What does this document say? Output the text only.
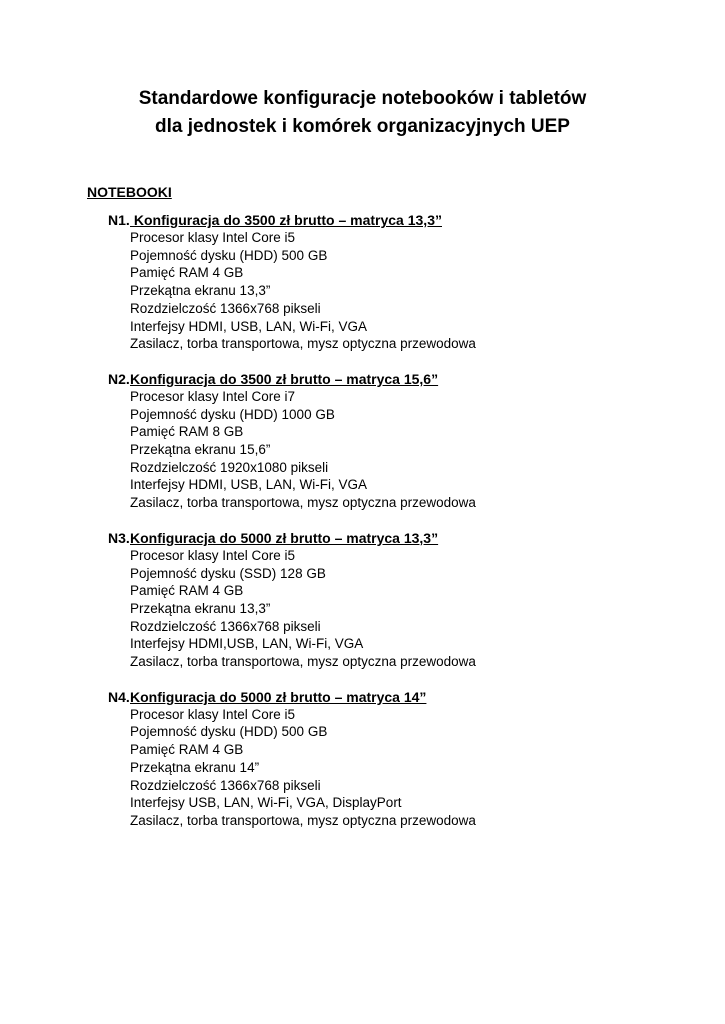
Standardowe konfiguracje notebooków i tabletów
dla jednostek i komórek organizacyjnych UEP
NOTEBOOKI
N1. Konfiguracja do 3500 zł brutto – matryca 13,3”
Procesor klasy Intel Core i5
Pojemność dysku (HDD) 500 GB
Pamięć RAM 4 GB
Przekątna ekranu 13,3”
Rozdzielczość 1366x768 pikseli
Interfejsy HDMI, USB, LAN, Wi-Fi, VGA
Zasilacz, torba transportowa, mysz optyczna przewodowa
N2.Konfiguracja do 3500 zł brutto – matryca 15,6”
Procesor klasy Intel Core i7
Pojemność dysku (HDD) 1000 GB
Pamięć RAM 8 GB
Przekątna ekranu 15,6”
Rozdzielczość 1920x1080 pikseli
Interfejsy HDMI, USB, LAN, Wi-Fi, VGA
Zasilacz, torba transportowa, mysz optyczna przewodowa
N3.Konfiguracja do 5000 zł brutto – matryca 13,3”
Procesor klasy Intel Core i5
Pojemność dysku (SSD) 128 GB
Pamięć RAM 4 GB
Przekątna ekranu 13,3”
Rozdzielczość 1366x768 pikseli
Interfejsy HDMI,USB, LAN, Wi-Fi, VGA
Zasilacz, torba transportowa, mysz optyczna przewodowa
N4.Konfiguracja do 5000 zł brutto – matryca 14”
Procesor klasy Intel Core i5
Pojemność dysku (HDD) 500 GB
Pamięć RAM 4 GB
Przekątna ekranu 14”
Rozdzielczość 1366x768 pikseli
Interfejsy USB, LAN, Wi-Fi, VGA, DisplayPort
Zasilacz, torba transportowa, mysz optyczna przewodowa
